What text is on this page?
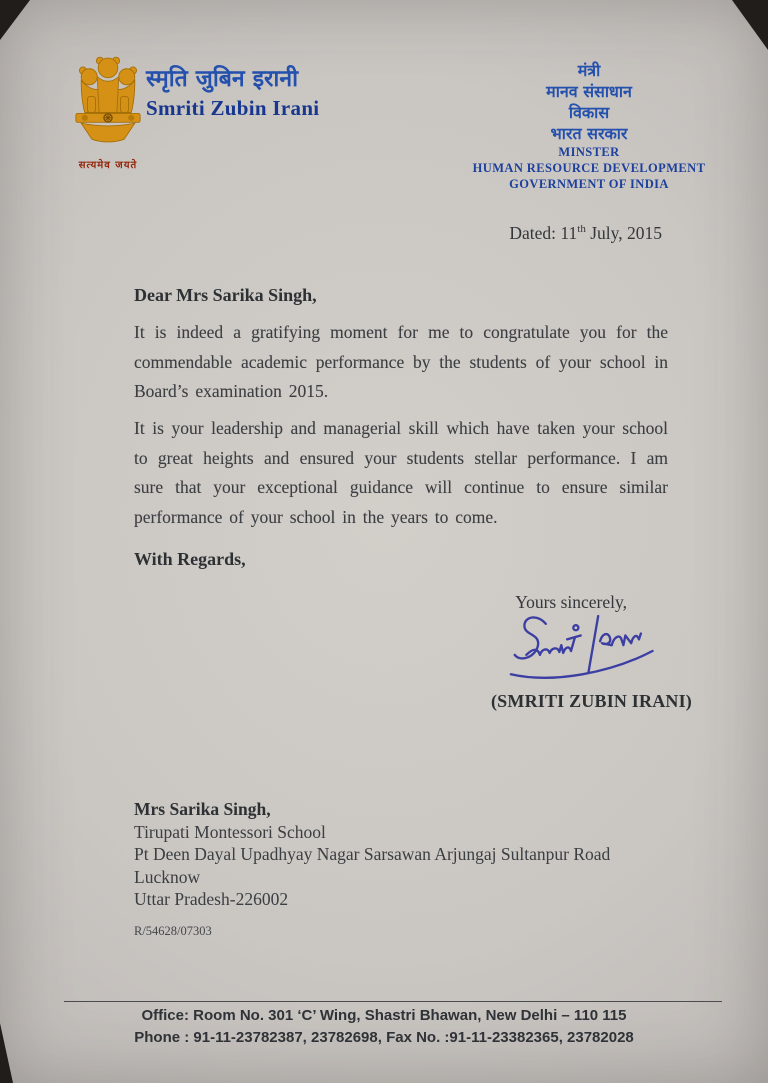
सत्यमेव जयते
स्मृति जुबिन इरानी
Smriti Zubin Irani
मंत्री
मानव संसाधान
विकास
भारत सरकार
MINSTER
HUMAN RESOURCE DEVELOPMENT
GOVERNMENT OF INDIA
Dated: 11th July, 2015
Dear Mrs Sarika Singh,
It is indeed a gratifying moment for me to congratulate you for the commendable academic performance by the students of your school in Board’s examination 2015.
It is your leadership and managerial skill which have taken your school to great heights and ensured your students stellar performance. I am sure that your exceptional guidance will continue to ensure similar performance of your school in the years to come.
With Regards,
Yours sincerely,
(SMRITI ZUBIN IRANI)
Mrs Sarika Singh,
Tirupati Montessori School
Pt Deen Dayal Upadhyay Nagar Sarsawan Arjungaj Sultanpur Road
Lucknow
Uttar Pradesh-226002
R/54628/07303
Office: Room No. 301 ‘C’ Wing, Shastri Bhawan, New Delhi – 110 115
Phone : 91-11-23782387, 23782698, Fax No. :91-11-23382365, 23782028
